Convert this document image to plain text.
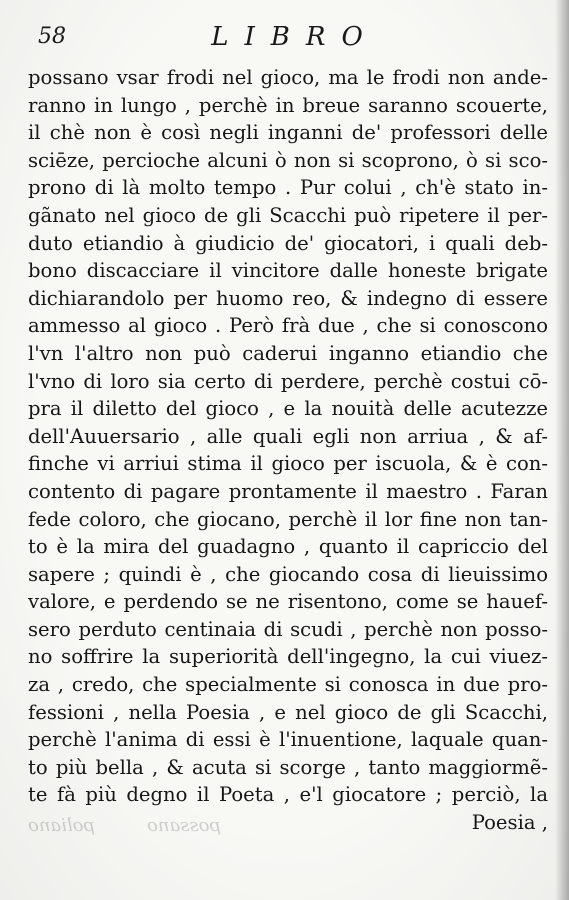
58	LIBRO
possano vsar frodi nel gioco, ma le frodi non ande-
ranno in lungo , perchè in breue saranno scouerte,
il chè non è così negli inganni de' professori delle
sciēze, percioche alcuni ò non si scoprono, ò si sco-
prono di là molto tempo . Pur colui , ch'è stato in-
gãnato nel gioco de gli Scacchi può ripetere il per-
duto etiandio à giudicio de' giocatori, i quali deb-
bono discacciare il vincitore dalle honeste brigate
dichiarandolo per huomo reo, & indegno di essere
ammesso al gioco . Però frà due , che si conoscono
l'vn l'altro non può caderui inganno etiandio che
l'vno di loro sia certo di perdere, perchè costui cō-
pra il diletto del gioco , e la nouità delle acutezze
dell'Auuersario , alle quali egli non arriua , & af-
finche vi arriui stima il gioco per iscuola, & è con-
contento di pagare prontamente il maestro . Faran
fede coloro, che giocano, perchè il lor fine non tan-
to è la mira del guadagno , quanto il capriccio del
sapere ; quindi è , che giocando cosa di lieuissimo
valore, e perdendo se ne risentono, come se hauef-
sero perduto centinaia di scudi , perchè non posso-
no soffrire la superiorità dell'ingegno, la cui viuez-
za , credo, che specialmente si conosca in due pro-
fessioni , nella Poesia , e nel gioco de gli Scacchi,
perchè l'anima di essi è l'inuentione, laquale quan-
to più bella , & acuta si scorge , tanto maggiormẽ-
te fà più degno il Poeta , e'l giocatore ; perciò, la
Poesia ,
possanopoliano
